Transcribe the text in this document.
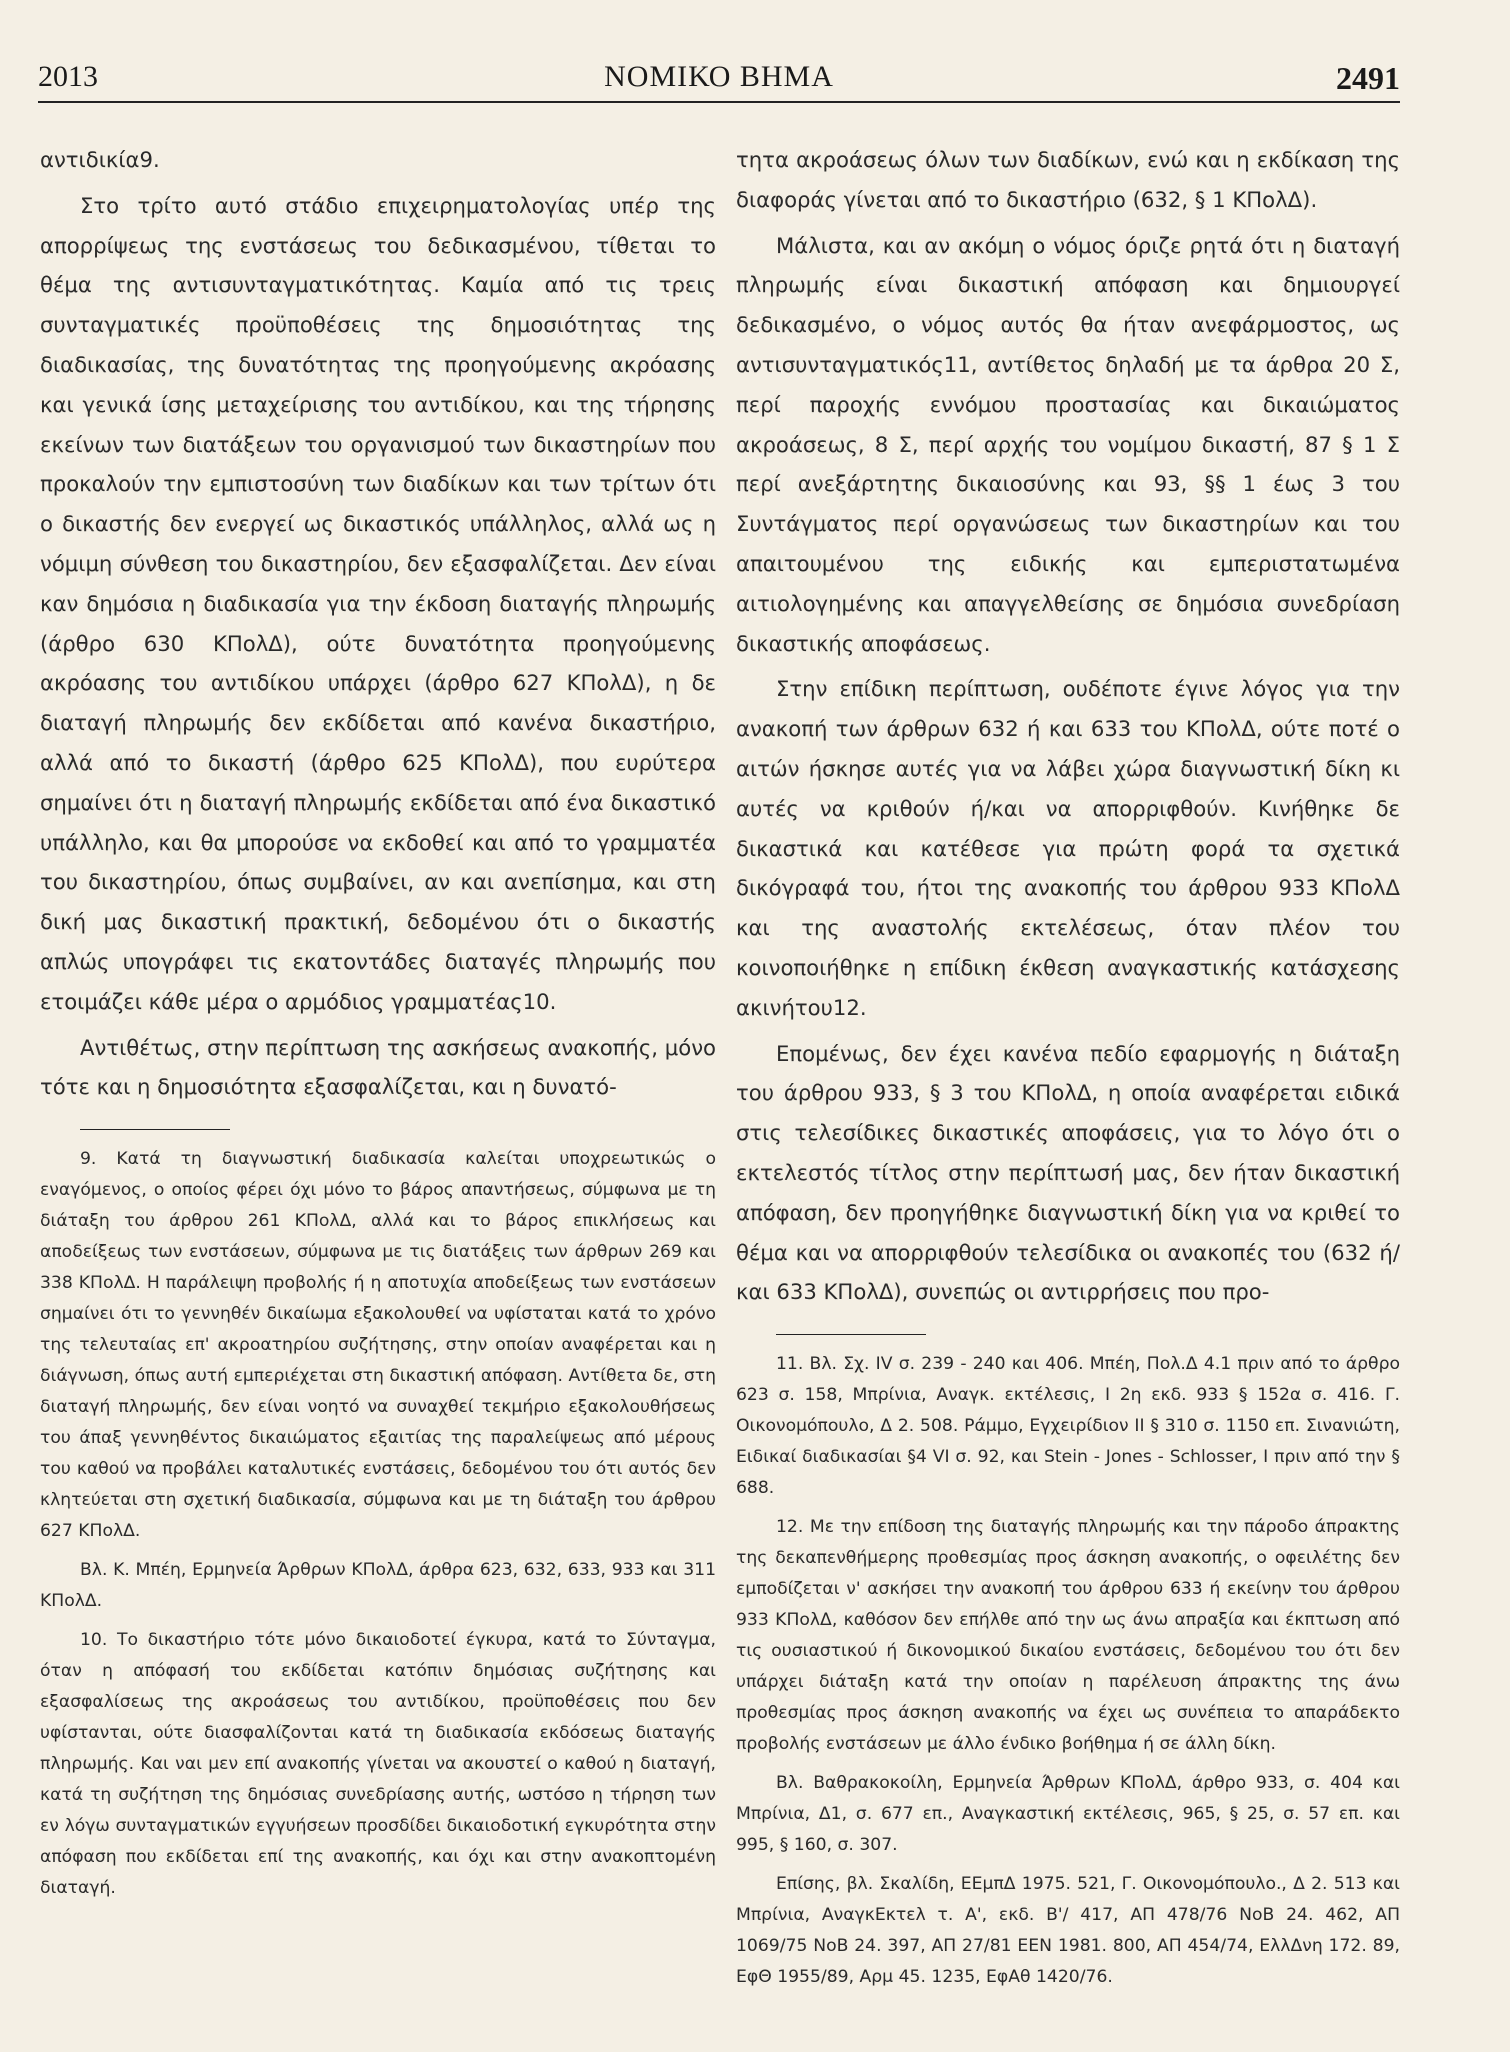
2013	ΝΟΜΙΚΟ ΒΗΜΑ	2491

αντιδικία9.

Στο τρίτο αυτό στάδιο επιχειρηματολογίας υπέρ της απορρίψεως της ενστάσεως του δεδικασμένου, τίθεται το θέμα της αντισυνταγματικότητας. Καμία από τις τρεις συνταγματικές προϋποθέσεις της δημοσιότητας της διαδικασίας, της δυνατότητας της προηγούμενης ακρόασης και γενικά ίσης μεταχείρισης του αντιδίκου, και της τήρησης εκείνων των διατάξεων του οργανισμού των δικαστηρίων που προκαλούν την εμπιστοσύνη των διαδίκων και των τρίτων ότι ο δικαστής δεν ενεργεί ως δικαστικός υπάλληλος, αλλά ως η νόμιμη σύνθεση του δικαστηρίου, δεν εξασφαλίζεται. Δεν είναι καν δημόσια η διαδικασία για την έκδοση διαταγής πληρωμής (άρθρο 630 ΚΠολΔ), ούτε δυνατότητα προηγούμενης ακρόασης του αντιδίκου υπάρχει (άρθρο 627 ΚΠολΔ), η δε διαταγή πληρωμής δεν εκδίδεται από κανένα δικαστήριο, αλλά από το δικαστή (άρθρο 625 ΚΠολΔ), που ευρύτερα σημαίνει ότι η διαταγή πληρωμής εκδίδεται από ένα δικαστικό υπάλληλο, και θα μπορούσε να εκδοθεί και από το γραμματέα του δικαστηρίου, όπως συμβαίνει, αν και ανεπίσημα, και στη δική μας δικαστική πρακτική, δεδομένου ότι ο δικαστής απλώς υπογράφει τις εκατοντάδες διαταγές πληρωμής που ετοιμάζει κάθε μέρα ο αρμόδιος γραμματέας10.

Αντιθέτως, στην περίπτωση της ασκήσεως ανακοπής, μόνο τότε και η δημοσιότητα εξασφαλίζεται, και η δυνατό-

9. Κατά τη διαγνωστική διαδικασία καλείται υποχρεωτικώς ο εναγόμενος, ο οποίος φέρει όχι μόνο το βάρος απαντήσεως, σύμφωνα με τη διάταξη του άρθρου 261 ΚΠολΔ, αλλά και το βάρος επικλήσεως και αποδείξεως των ενστάσεων, σύμφωνα με τις διατάξεις των άρθρων 269 και 338 ΚΠολΔ. Η παράλειψη προβολής ή η αποτυχία αποδείξεως των ενστάσεων σημαίνει ότι το γεννηθέν δικαίωμα εξακολουθεί να υφίσταται κατά το χρόνο της τελευταίας επ' ακροατηρίου συζήτησης, στην οποίαν αναφέρεται και η διάγνωση, όπως αυτή εμπεριέχεται στη δικαστική απόφαση. Αντίθετα δε, στη διαταγή πληρωμής, δεν είναι νοητό να συναχθεί τεκμήριο εξακολουθήσεως του άπαξ γεννηθέντος δικαιώματος εξαιτίας της παραλείψεως από μέρους του καθού να προβάλει καταλυτικές ενστάσεις, δεδομένου του ότι αυτός δεν κλητεύεται στη σχετική διαδικασία, σύμφωνα και με τη διάταξη του άρθρου 627 ΚΠολΔ.

Βλ. Κ. Μπέη, Ερμηνεία Άρθρων ΚΠολΔ, άρθρα 623, 632, 633, 933 και 311 ΚΠολΔ.

10. Το δικαστήριο τότε μόνο δικαιοδοτεί έγκυρα, κατά το Σύνταγμα, όταν η απόφασή του εκδίδεται κατόπιν δημόσιας συζήτησης και εξασφαλίσεως της ακροάσεως του αντιδίκου, προϋποθέσεις που δεν υφίστανται, ούτε διασφαλίζονται κατά τη διαδικασία εκδόσεως διαταγής πληρωμής. Και ναι μεν επί ανακοπής γίνεται να ακουστεί ο καθού η διαταγή, κατά τη συζήτηση της δημόσιας συνεδρίασης αυτής, ωστόσο η τήρηση των εν λόγω συνταγματικών εγγυήσεων προσδίδει δικαιοδοτική εγκυρότητα στην απόφαση που εκδίδεται επί της ανακοπής, και όχι και στην ανακοπτομένη διαταγή.

τητα ακροάσεως όλων των διαδίκων, ενώ και η εκδίκαση της διαφοράς γίνεται από το δικαστήριο (632, § 1 ΚΠολΔ).

Μάλιστα, και αν ακόμη ο νόμος όριζε ρητά ότι η διαταγή πληρωμής είναι δικαστική απόφαση και δημιουργεί δεδικασμένο, ο νόμος αυτός θα ήταν ανεφάρμοστος, ως αντισυνταγματικός11, αντίθετος δηλαδή με τα άρθρα 20 Σ, περί παροχής εννόμου προστασίας και δικαιώματος ακροάσεως, 8 Σ, περί αρχής του νομίμου δικαστή, 87 § 1 Σ περί ανεξάρτητης δικαιοσύνης και 93, §§ 1 έως 3 του Συντάγματος περί οργανώσεως των δικαστηρίων και του απαιτουμένου της ειδικής και εμπεριστατωμένα αιτιολογημένης και απαγγελθείσης σε δημόσια συνεδρίαση δικαστικής αποφάσεως.

Στην επίδικη περίπτωση, ουδέποτε έγινε λόγος για την ανακοπή των άρθρων 632 ή και 633 του ΚΠολΔ, ούτε ποτέ ο αιτών ήσκησε αυτές για να λάβει χώρα διαγνωστική δίκη κι αυτές να κριθούν ή/και να απορριφθούν. Κινήθηκε δε δικαστικά και κατέθεσε για πρώτη φορά τα σχετικά δικόγραφά του, ήτοι της ανακοπής του άρθρου 933 ΚΠολΔ και της αναστολής εκτελέσεως, όταν πλέον του κοινοποιήθηκε η επίδικη έκθεση αναγκαστικής κατάσχεσης ακινήτου12.

Επομένως, δεν έχει κανένα πεδίο εφαρμογής η διάταξη του άρθρου 933, § 3 του ΚΠολΔ, η οποία αναφέρεται ειδικά στις τελεσίδικες δικαστικές αποφάσεις, για το λόγο ότι ο εκτελεστός τίτλος στην περίπτωσή μας, δεν ήταν δικαστική απόφαση, δεν προηγήθηκε διαγνωστική δίκη για να κριθεί το θέμα και να απορριφθούν τελεσίδικα οι ανακοπές του (632 ή/ και 633 ΚΠολΔ), συνεπώς οι αντιρρήσεις που προ-

11. Βλ. Σχ. IV σ. 239 - 240 και 406. Μπέη, Πολ.Δ 4.1 πριν από το άρθρο 623 σ. 158, Μπρίνια, Αναγκ. εκτέλεσις, Ι 2η εκδ. 933 § 152α σ. 416. Γ. Οικονομόπουλο, Δ 2. 508. Ράμμο, Εγχειρίδιον ΙΙ § 310 σ. 1150 επ. Σινανιώτη, Ειδικαί διαδικασίαι §4 VI σ. 92, και Stein - Jones - Schlosser, I πριν από την § 688.

12. Με την επίδοση της διαταγής πληρωμής και την πάροδο άπρακτης της δεκαπενθήμερης προθεσμίας προς άσκηση ανακοπής, ο οφειλέτης δεν εμποδίζεται ν' ασκήσει την ανακοπή του άρθρου 633 ή εκείνην του άρθρου 933 ΚΠολΔ, καθόσον δεν επήλθε από την ως άνω απραξία και έκπτωση από τις ουσιαστικού ή δικονομικού δικαίου ενστάσεις, δεδομένου του ότι δεν υπάρχει διάταξη κατά την οποίαν η παρέλευση άπρακτης της άνω προθεσμίας προς άσκηση ανακοπής να έχει ως συνέπεια το απαράδεκτο προβολής ενστάσεων με άλλο ένδικο βοήθημα ή σε άλλη δίκη.

Βλ. Βαθρακοκοίλη, Ερμηνεία Άρθρων ΚΠολΔ, άρθρο 933, σ. 404 και Μπρίνια, Δ1, σ. 677 επ., Αναγκαστική εκτέλεσις, 965, § 25, σ. 57 επ. και 995, § 160, σ. 307.

Επίσης, βλ. Σκαλίδη, ΕΕμπΔ 1975. 521, Γ. Οικονομόπουλο., Δ 2. 513 και Μπρίνια, ΑναγκΕκτελ τ. Α', εκδ. Β'/ 417, ΑΠ 478/76 ΝοΒ 24. 462, ΑΠ 1069/75 ΝοΒ 24. 397, ΑΠ 27/81 ΕΕΝ 1981. 800, ΑΠ 454/74, ΕλλΔνη 172. 89, ΕφΘ 1955/89, Αρμ 45. 1235, ΕφΑθ 1420/76.
